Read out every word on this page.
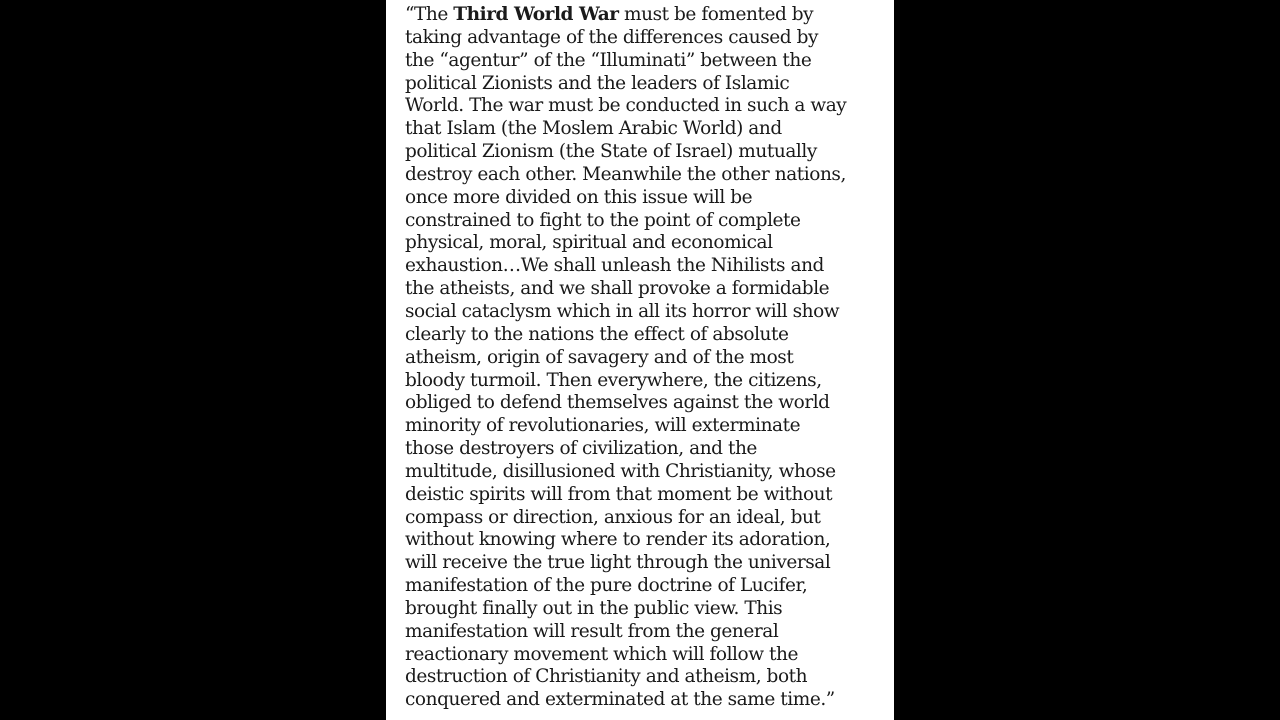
“The Third World War must be fomented by
taking advantage of the differences caused by
the “agentur” of the “Illuminati” between the
political Zionists and the leaders of Islamic
World. The war must be conducted in such a way
that Islam (the Moslem Arabic World) and
political Zionism (the State of Israel) mutually
destroy each other. Meanwhile the other nations,
once more divided on this issue will be
constrained to fight to the point of complete
physical, moral, spiritual and economical
exhaustion…We shall unleash the Nihilists and
the atheists, and we shall provoke a formidable
social cataclysm which in all its horror will show
clearly to the nations the effect of absolute
atheism, origin of savagery and of the most
bloody turmoil. Then everywhere, the citizens,
obliged to defend themselves against the world
minority of revolutionaries, will exterminate
those destroyers of civilization, and the
multitude, disillusioned with Christianity, whose
deistic spirits will from that moment be without
compass or direction, anxious for an ideal, but
without knowing where to render its adoration,
will receive the true light through the universal
manifestation of the pure doctrine of Lucifer,
brought finally out in the public view. This
manifestation will result from the general
reactionary movement which will follow the
destruction of Christianity and atheism, both
conquered and exterminated at the same time.”
